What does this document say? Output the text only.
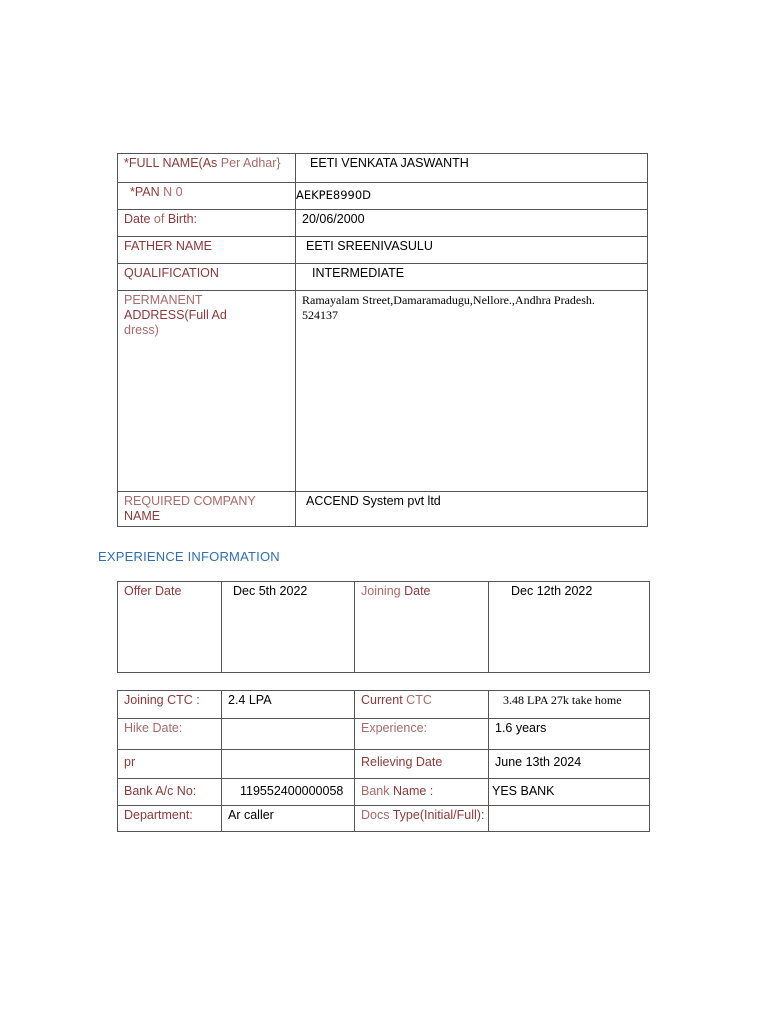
*FULL NAME(As Per Adhar}	EETI VENKATA JASWANTH
*PAN N 0	AEKPE8990D
Date of Birth:	20/06/2000
FATHER NAME	EETI SREENIVASULU
QUALIFICATION	INTERMEDIATE
PERMANENT ADDRESS(Full Ad
dress)	Ramayalam Street,Damaramadugu,Nellore.,Andhra Pradesh.
524137
REQUIRED COMPANY
NAME	ACCEND System pvt ltd
EXPERIENCE INFORMATION
Offer Date	Dec 5th 2022	Joining Date	Dec 12th 2022
Joining CTC :	2.4 LPA	Current CTC	3.48 LPA 27k take home
Hike Date:		Experience:	1.6 years
pr		Relieving Date	June 13th 2024
Bank A/c No:	119552400000058	Bank Name :	YES BANK
Department:	Ar caller	Docs Type(Initial/Full):	
